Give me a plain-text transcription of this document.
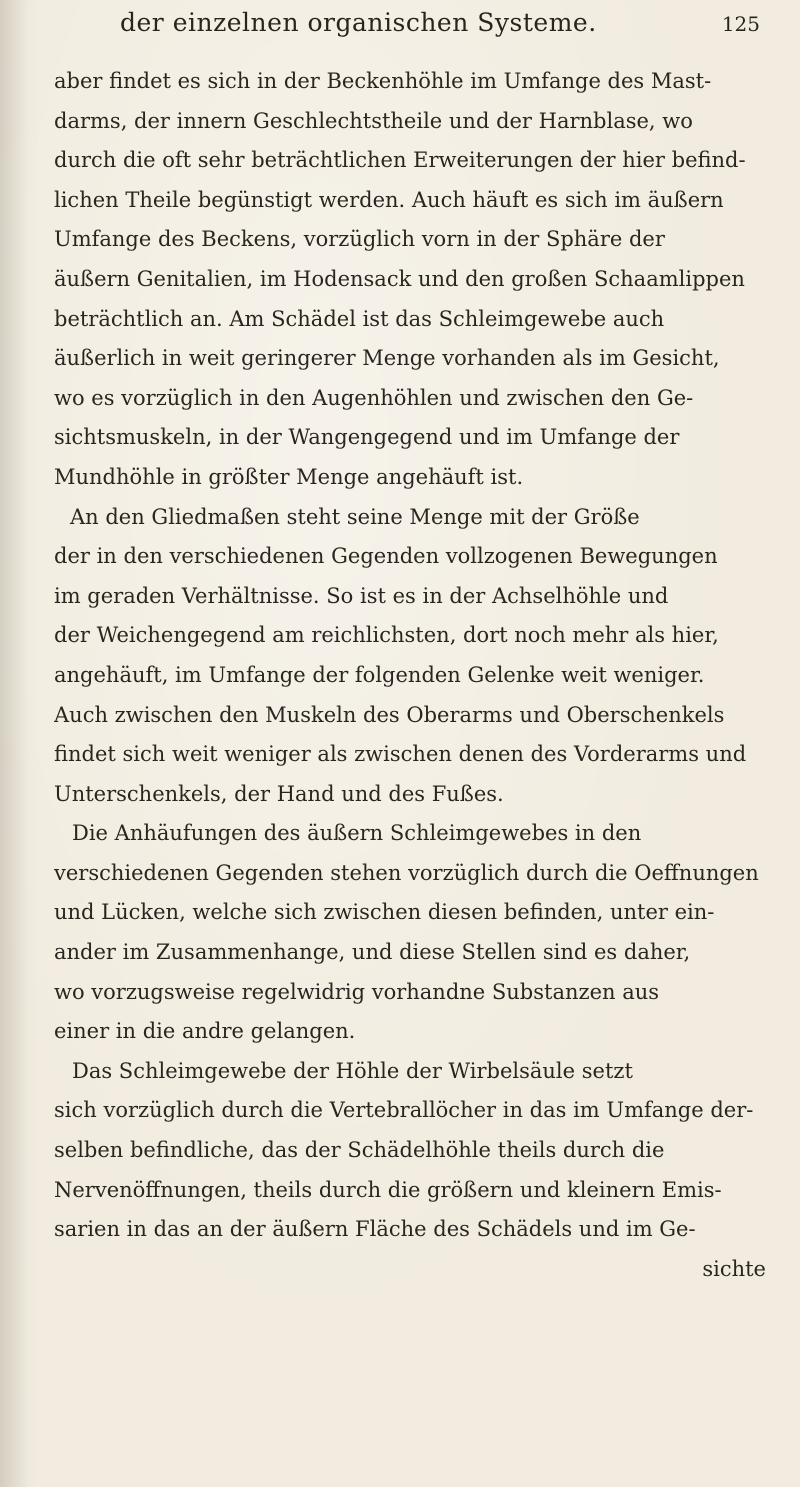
der einzelnen organischen Systeme.	125
aber findet es sich in der Beckenhöhle im Umfange des Mast-
darms, der innern Geschlechtstheile und der Harnblase, wo
durch die oft sehr beträchtlichen Erweiterungen der hier befind-
lichen Theile begünstigt werden. Auch häuft es sich im äußern
Umfange des Beckens, vorzüglich vorn in der Sphäre der
äußern Genitalien, im Hodensack und den großen Schaamlippen
beträchtlich an. Am Schädel ist das Schleimgewebe auch
äußerlich in weit geringerer Menge vorhanden als im Gesicht,
wo es vorzüglich in den Augenhöhlen und zwischen den Ge-
sichtsmuskeln, in der Wangengegend und im Umfange der
Mundhöhle in größter Menge angehäuft ist.
An den Gliedmaßen steht seine Menge mit der Größe
der in den verschiedenen Gegenden vollzogenen Bewegungen
im geraden Verhältnisse. So ist es in der Achselhöhle und
der Weichengegend am reichlichsten, dort noch mehr als hier,
angehäuft, im Umfange der folgenden Gelenke weit weniger.
Auch zwischen den Muskeln des Oberarms und Oberschenkels
findet sich weit weniger als zwischen denen des Vorderarms und
Unterschenkels, der Hand und des Fußes.
Die Anhäufungen des äußern Schleimgewebes in den
verschiedenen Gegenden stehen vorzüglich durch die Oeffnungen
und Lücken, welche sich zwischen diesen befinden, unter ein-
ander im Zusammenhange, und diese Stellen sind es daher,
wo vorzugsweise regelwidrig vorhandne Substanzen aus
einer in die andre gelangen.
Das Schleimgewebe der Höhle der Wirbelsäule setzt
sich vorzüglich durch die Vertebrallöcher in das im Umfange der-
selben befindliche, das der Schädelhöhle theils durch die
Nervenöffnungen, theils durch die größern und kleinern Emis-
sarien in das an der äußern Fläche des Schädels und im Ge-
sichte
